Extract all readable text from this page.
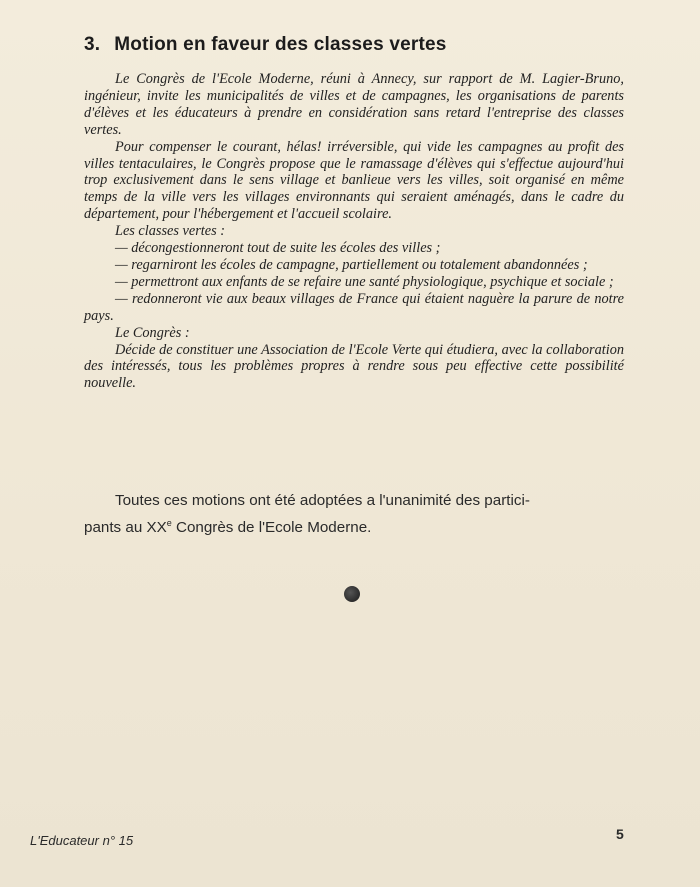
3. Motion en faveur des classes vertes

Le Congrès de l'Ecole Moderne, réuni à Annecy, sur rapport de M. Lagier-Bruno, ingénieur, invite les municipalités de villes et de campagnes, les organisations de parents d'élèves et les éducateurs à prendre en considération sans retard l'entreprise des classes vertes.

Pour compenser le courant, hélas! irréversible, qui vide les campagnes au profit des villes tentaculaires, le Congrès propose que le ramassage d'élèves qui s'effectue aujourd'hui trop exclusivement dans le sens village et banlieue vers les villes, soit organisé en même temps de la ville vers les villages environnants qui seraient aménagés, dans le cadre du département, pour l'hébergement et l'accueil scolaire.

Les classes vertes :

— décongestionneront tout de suite les écoles des villes ;

— regarniront les écoles de campagne, partiellement ou totalement abandonnées ;

— permettront aux enfants de se refaire une santé physiologique, psychique et sociale ;

— redonneront vie aux beaux villages de France qui étaient naguère la parure de notre pays.

Le Congrès :

Décide de constituer une Association de l'Ecole Verte qui étudiera, avec la collaboration des intéressés, tous les problèmes propres à rendre sous peu effective cette possibilité nouvelle.

Toutes ces motions ont été adoptées a l'unanimité des partici-
pants au XXe Congrès de l'Ecole Moderne.
L'Educateur n° 15	5
